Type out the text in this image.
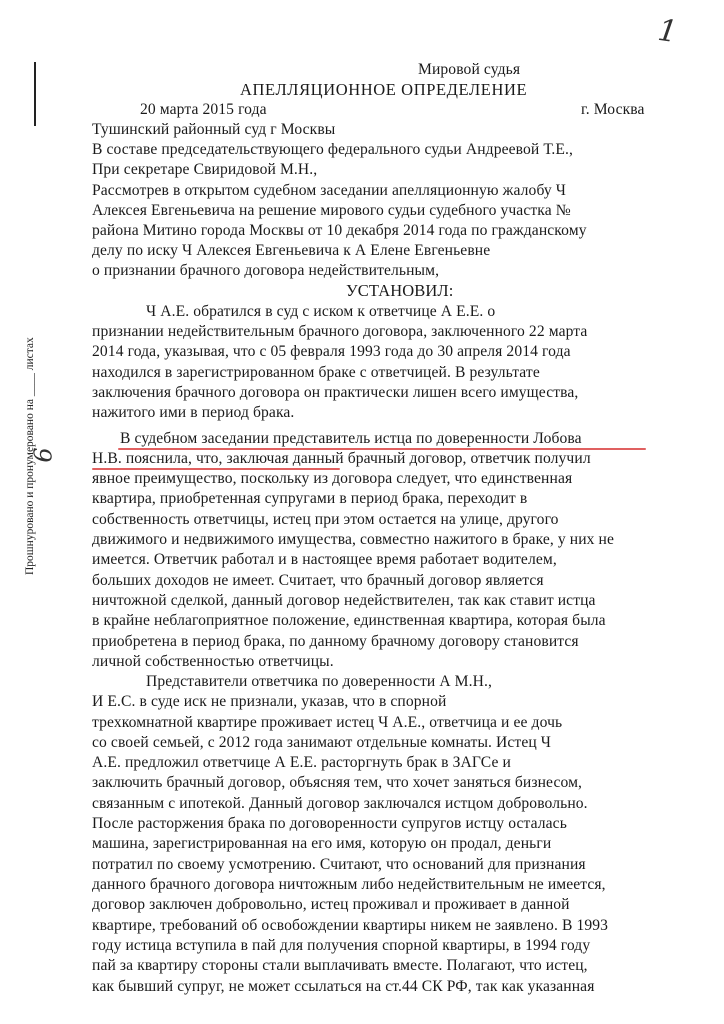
1
Прошнуровано и пронумеровано на ____ листах
6
Мировой судья
АПЕЛЛЯЦИОННОЕ ОПРЕДЕЛЕНИЕ
20 марта 2015 года	г. Москва
Тушинский районный суд г Москвы
В составе председательствующего федерального судьи Андреевой Т.Е.,
При секретаре Свиридовой М.Н.,
Рассмотрев в открытом судебном заседании апелляционную жалобу Ч
Алексея Евгеньевича на решение мирового судьи судебного участка №
района Митино города Москвы от 10 декабря 2014 года по гражданскому
делу по иску Ч Алексея Евгеньевича к А Елене Евгеньевне
о признании брачного договора недействительным,
УСТАНОВИЛ:
Ч А.Е. обратился в суд с иском к ответчице А Е.Е. о
признании недействительным брачного договора, заключенного 22 марта
2014 года, указывая, что с 05 февраля 1993 года до 30 апреля 2014 года
находился в зарегистрированном браке с ответчицей. В результате
заключения брачного договора он практически лишен всего имущества,
нажитого ими в период брака.
В судебном заседании представитель истца по доверенности Лобова
Н.В. пояснила, что, заключая данный брачный договор, ответчик получил
явное преимущество, поскольку из договора следует, что единственная
квартира, приобретенная супругами в период брака, переходит в
собственность ответчицы, истец при этом остается на улице, другого
движимого и недвижимого имущества, совместно нажитого в браке, у них не
имеется. Ответчик работал и в настоящее время работает водителем,
больших доходов не имеет. Считает, что брачный договор является
ничтожной сделкой, данный договор недействителен, так как ставит истца
в крайне неблагоприятное положение, единственная квартира, которая была
приобретена в период брака, по данному брачному договору становится
личной собственностью ответчицы.
Представители ответчика по доверенности А М.Н.,
И Е.С. в суде иск не признали, указав, что в спорной
трехкомнатной квартире проживает истец Ч А.Е., ответчица и ее дочь
со своей семьей, с 2012 года занимают отдельные комнаты. Истец Ч
А.Е. предложил ответчице А Е.Е. расторгнуть брак в ЗАГСе и
заключить брачный договор, объясняя тем, что хочет заняться бизнесом,
связанным с ипотекой. Данный договор заключался истцом добровольно.
После расторжения брака по договоренности супругов истцу осталась
машина, зарегистрированная на его имя, которую он продал, деньги
потратил по своему усмотрению. Считают, что оснований для признания
данного брачного договора ничтожным либо недействительным не имеется,
договор заключен добровольно, истец проживал и проживает в данной
квартире, требований об освобождении квартиры никем не заявлено. В 1993
году истица вступила в пай для получения спорной квартиры, в 1994 году
пай за квартиру стороны стали выплачивать вместе. Полагают, что истец,
как бывший супруг, не может ссылаться на ст.44 СК РФ, так как указанная
